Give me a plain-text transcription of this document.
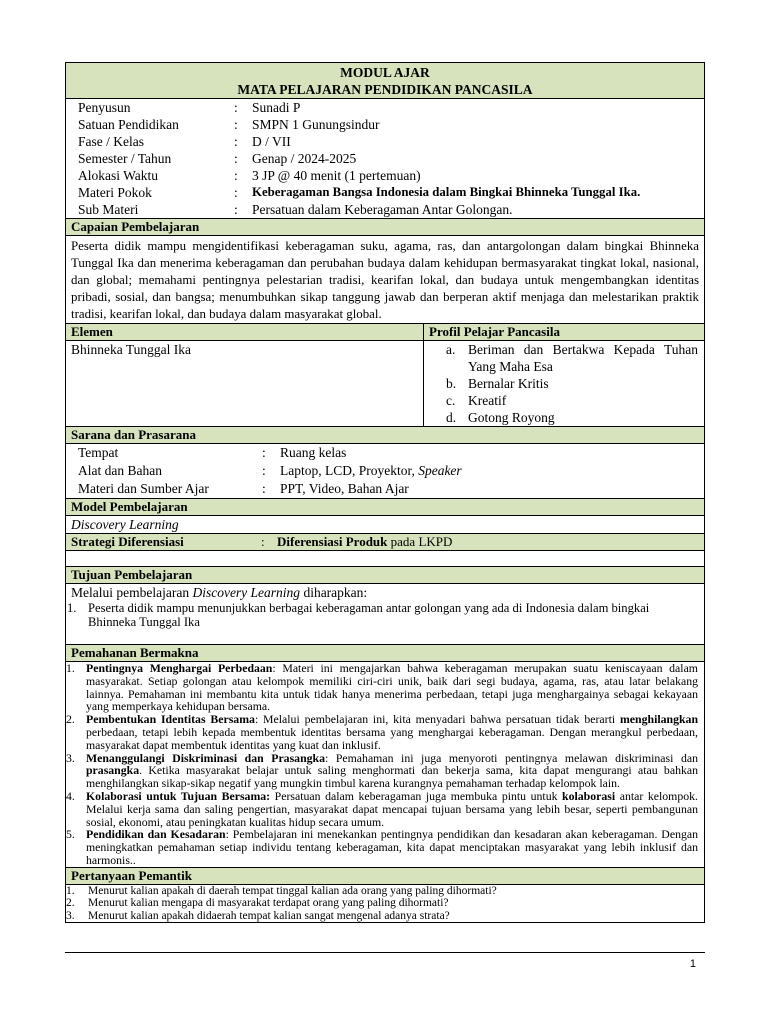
MODUL AJAR
MATA PELAJARAN PENDIDIKAN PANCASILA
Penyusun	:	Sunadi P
Satuan Pendidikan	:	SMPN 1 Gunungsindur
Fase / Kelas	:	D / VII
Semester / Tahun	:	Genap / 2024-2025
Alokasi Waktu	:	3 JP @ 40 menit (1 pertemuan)
Materi Pokok	:	Keberagaman Bangsa Indonesia dalam Bingkai Bhinneka Tunggal Ika.
Sub Materi	:	Persatuan dalam Keberagaman Antar Golongan.
Capaian Pembelajaran
Peserta didik mampu mengidentifikasi keberagaman suku, agama, ras, dan antargolongan dalam bingkai Bhinneka Tunggal Ika dan menerima keberagaman dan perubahan budaya dalam kehidupan bermasyarakat tingkat lokal, nasional, dan global; memahami pentingnya pelestarian tradisi, kearifan lokal, dan budaya untuk mengembangkan identitas pribadi, sosial, dan bangsa; menumbuhkan sikap tanggung jawab dan berperan aktif menjaga dan melestarikan praktik tradisi, kearifan lokal, dan budaya dalam masyarakat global.
Elemen	Profil Pelajar Pancasila
Bhinneka Tunggal Ika	a. Beriman dan Bertakwa Kepada Tuhan Yang Maha Esa
b. Bernalar Kritis
c. Kreatif
d. Gotong Royong
Sarana dan Prasarana
Tempat	:	Ruang kelas
Alat dan Bahan	:	Laptop, LCD, Proyektor, Speaker
Materi dan Sumber Ajar	:	PPT, Video, Bahan Ajar
Model Pembelajaran
Discovery Learning
Strategi Diferensiasi	: Diferensiasi Produk pada LKPD
Tujuan Pembelajaran
Melalui pembelajaran Discovery Learning diharapkan:
1. Peserta didik mampu menunjukkan berbagai keberagaman antar golongan yang ada di Indonesia dalam bingkai Bhinneka Tunggal Ika
Pemahanan Bermakna
1. Pentingnya Menghargai Perbedaan: Materi ini mengajarkan bahwa keberagaman merupakan suatu keniscayaan dalam masyarakat. Setiap golongan atau kelompok memiliki ciri-ciri unik, baik dari segi budaya, agama, ras, atau latar belakang lainnya. Pemahaman ini membantu kita untuk tidak hanya menerima perbedaan, tetapi juga menghargainya sebagai kekayaan yang memperkaya kehidupan bersama.
2. Pembentukan Identitas Bersama: Melalui pembelajaran ini, kita menyadari bahwa persatuan tidak berarti menghilangkan perbedaan, tetapi lebih kepada membentuk identitas bersama yang menghargai keberagaman. Dengan merangkul perbedaan, masyarakat dapat membentuk identitas yang kuat dan inklusif.
3. Menanggulangi Diskriminasi dan Prasangka: Pemahaman ini juga menyoroti pentingnya melawan diskriminasi dan prasangka. Ketika masyarakat belajar untuk saling menghormati dan bekerja sama, kita dapat mengurangi atau bahkan menghilangkan sikap-sikap negatif yang mungkin timbul karena kurangnya pemahaman terhadap kelompok lain.
4. Kolaborasi untuk Tujuan Bersama: Persatuan dalam keberagaman juga membuka pintu untuk kolaborasi antar kelompok. Melalui kerja sama dan saling pengertian, masyarakat dapat mencapai tujuan bersama yang lebih besar, seperti pembangunan sosial, ekonomi, atau peningkatan kualitas hidup secara umum.
5. Pendidikan dan Kesadaran: Pembelajaran ini menekankan pentingnya pendidikan dan kesadaran akan keberagaman. Dengan meningkatkan pemahaman setiap individu tentang keberagaman, kita dapat menciptakan masyarakat yang lebih inklusif dan harmonis..
Pertanyaan Pemantik
1.	Menurut kalian apakah di daerah tempat tinggal kalian ada orang yang paling dihormati?
2.	Menurut kalian mengapa di masyarakat terdapat orang yang paling dihormati?
3.	Menurut kalian apakah didaerah tempat kalian sangat mengenal adanya strata?
1
